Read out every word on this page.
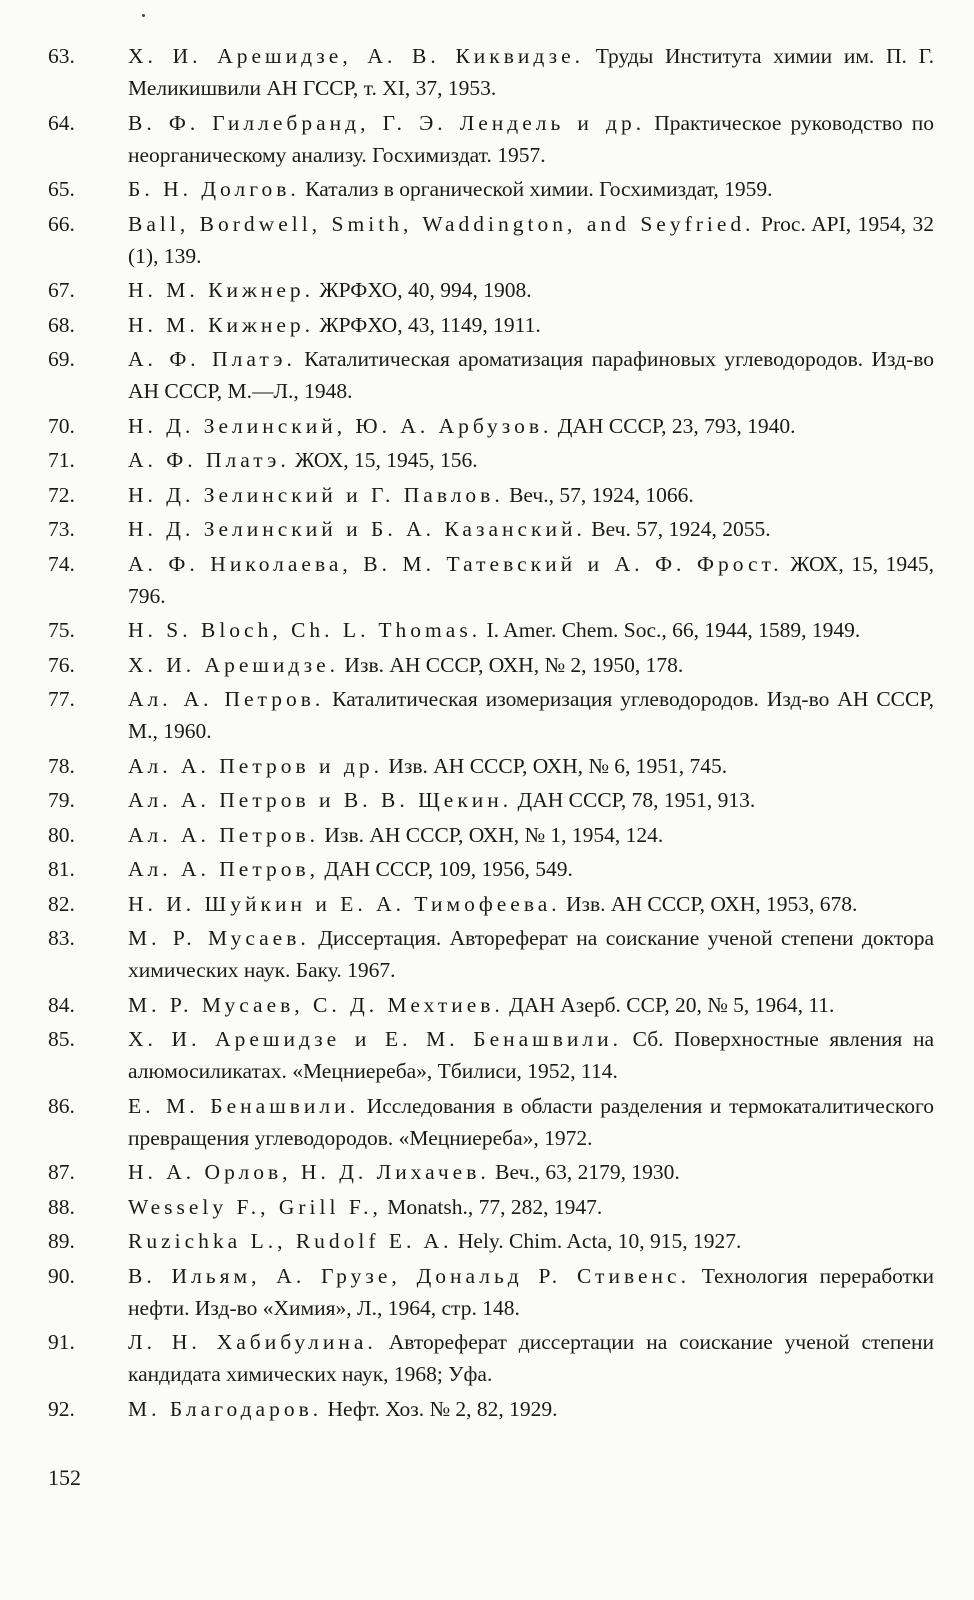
63.	Х. И. Арешидзе, А. В. Киквидзе. Труды Института химии им. П. Г. Меликишвили АН ГССР, т. XI, 37, 1953.
64.	В. Ф. Гиллебранд, Г. Э. Лендель и др. Практическое руководство по неорганическому анализу. Госхимиздат. 1957.
65.	Б. Н. Долгов. Катализ в органической химии. Госхимиздат, 1959.
66.	Ball, Bordwell, Smith, Waddington, and Seyfried. Proc. API, 1954, 32 (1), 139.
67.	Н. М. Кижнер. ЖРФХО, 40, 994, 1908.
68.	Н. М. Кижнер. ЖРФХО, 43, 1149, 1911.
69.	А. Ф. Платэ. Каталитическая ароматизация парафиновых углеводородов. Изд-во АН СССР, М.—Л., 1948.
70.	Н. Д. Зелинский, Ю. А. Арбузов. ДАН СССР, 23, 793, 1940.
71.	А. Ф. Платэ. ЖОХ, 15, 1945, 156.
72.	Н. Д. Зелинский и Г. Павлов. Веч., 57, 1924, 1066.
73.	Н. Д. Зелинский и Б. А. Казанский. Веч. 57, 1924, 2055.
74.	А. Ф. Николаева, В. М. Татевский и А. Ф. Фрост. ЖОХ, 15, 1945, 796.
75.	H. S. Bloch, Ch. L. Thomas. I. Amer. Chem. Soc., 66, 1944, 1589, 1949.
76.	Х. И. Арешидзе. Изв. АН СССР, ОХН, № 2, 1950, 178.
77.	Ал. А. Петров. Каталитическая изомеризация углеводородов. Изд-во АН СССР, М., 1960.
78.	Ал. А. Петров и др. Изв. АН СССР, ОХН, № 6, 1951, 745.
79.	Ал. А. Петров и В. В. Щекин. ДАН СССР, 78, 1951, 913.
80.	Ал. А. Петров. Изв. АН СССР, ОХН, № 1, 1954, 124.
81.	Ал. А. Петров, ДАН СССР, 109, 1956, 549.
82.	Н. И. Шуйкин и Е. А. Тимофеева. Изв. АН СССР, ОХН, 1953, 678.
83.	М. Р. Мусаев. Диссертация. Автореферат на соискание ученой степени доктора химических наук. Баку. 1967.
84.	М. Р. Мусаев, С. Д. Мехтиев. ДАН Азерб. ССР, 20, № 5, 1964, 11.
85.	Х. И. Арешидзе и Е. М. Бенашвили. Сб. Поверхностные явления на алюмосиликатах. «Мецниереба», Тбилиси, 1952, 114.
86.	Е. М. Бенашвили. Исследования в области разделения и термокаталитического превращения углеводородов. «Мецниереба», 1972.
87.	Н. А. Орлов, Н. Д. Лихачев. Веч., 63, 2179, 1930.
88.	Wessely F., Grill F., Monatsh., 77, 282, 1947.
89.	Ruzichka L., Rudolf E. A. Hely. Chim. Acta, 10, 915, 1927.
90.	В. Ильям, А. Грузе, Дональд Р. Стивенс. Технология переработки нефти. Изд-во «Химия», Л., 1964, стр. 148.
91.	Л. Н. Хабибулина. Автореферат диссертации на соискание ученой степени кандидата химических наук, 1968; Уфа.
92.	М. Благодаров. Нефт. Хоз. № 2, 82, 1929.
152
